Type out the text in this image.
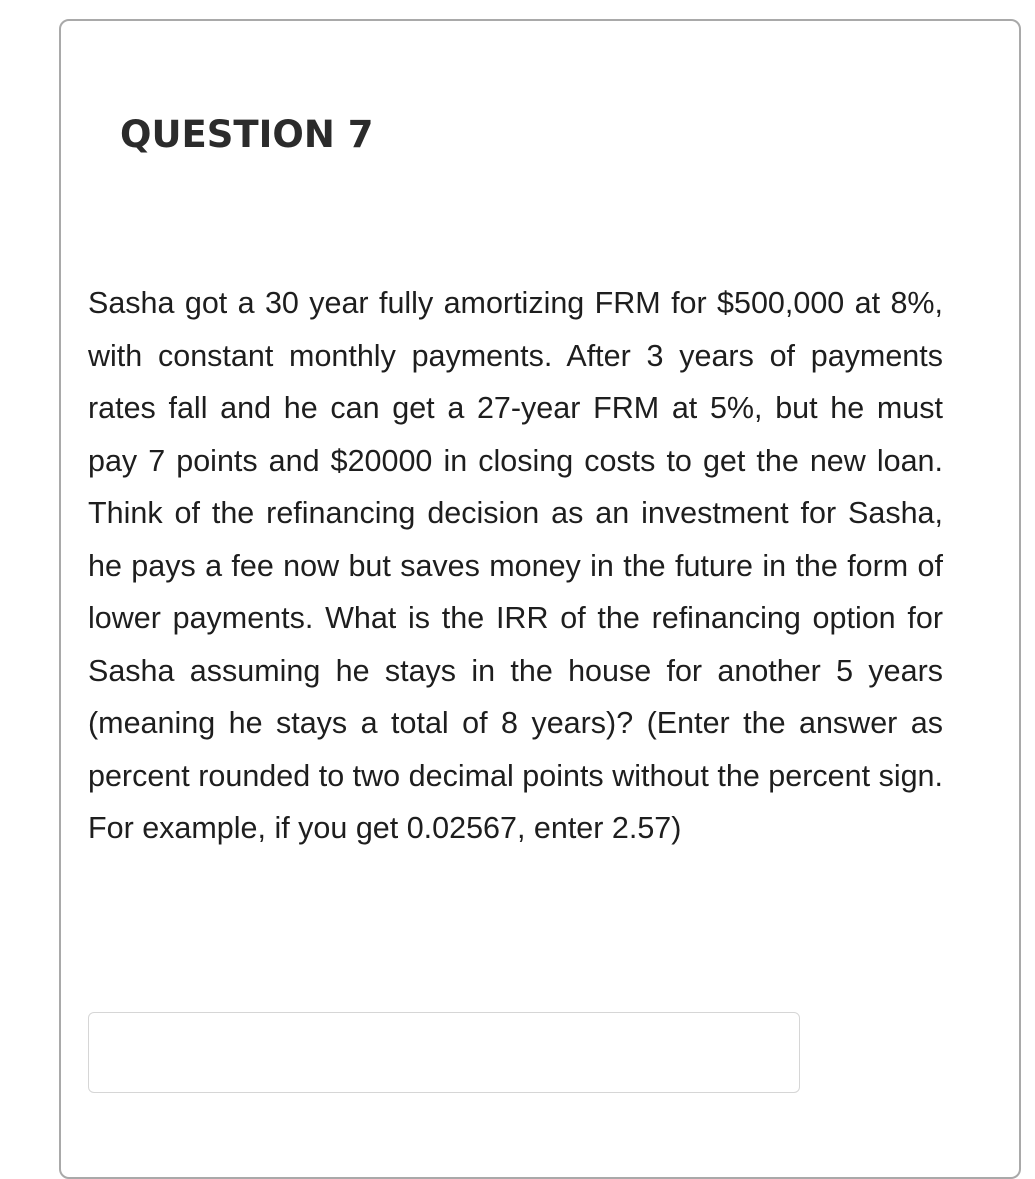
QUESTION 7

Sasha got a 30 year fully amortizing FRM for $500,000 at 8%, with constant monthly payments. After 3 years of payments rates fall and he can get a 27-year FRM at 5%, but he must pay 7 points and $20000 in closing costs to get the new loan. Think of the refinancing decision as an investment for Sasha, he pays a fee now but saves money in the future in the form of lower payments. What is the IRR of the refinancing option for Sasha assuming he stays in the house for another 5 years (meaning he stays a total of 8 years)? (Enter the answer as percent rounded to two decimal points without the percent sign. For example, if you get 0.02567, enter 2.57)
